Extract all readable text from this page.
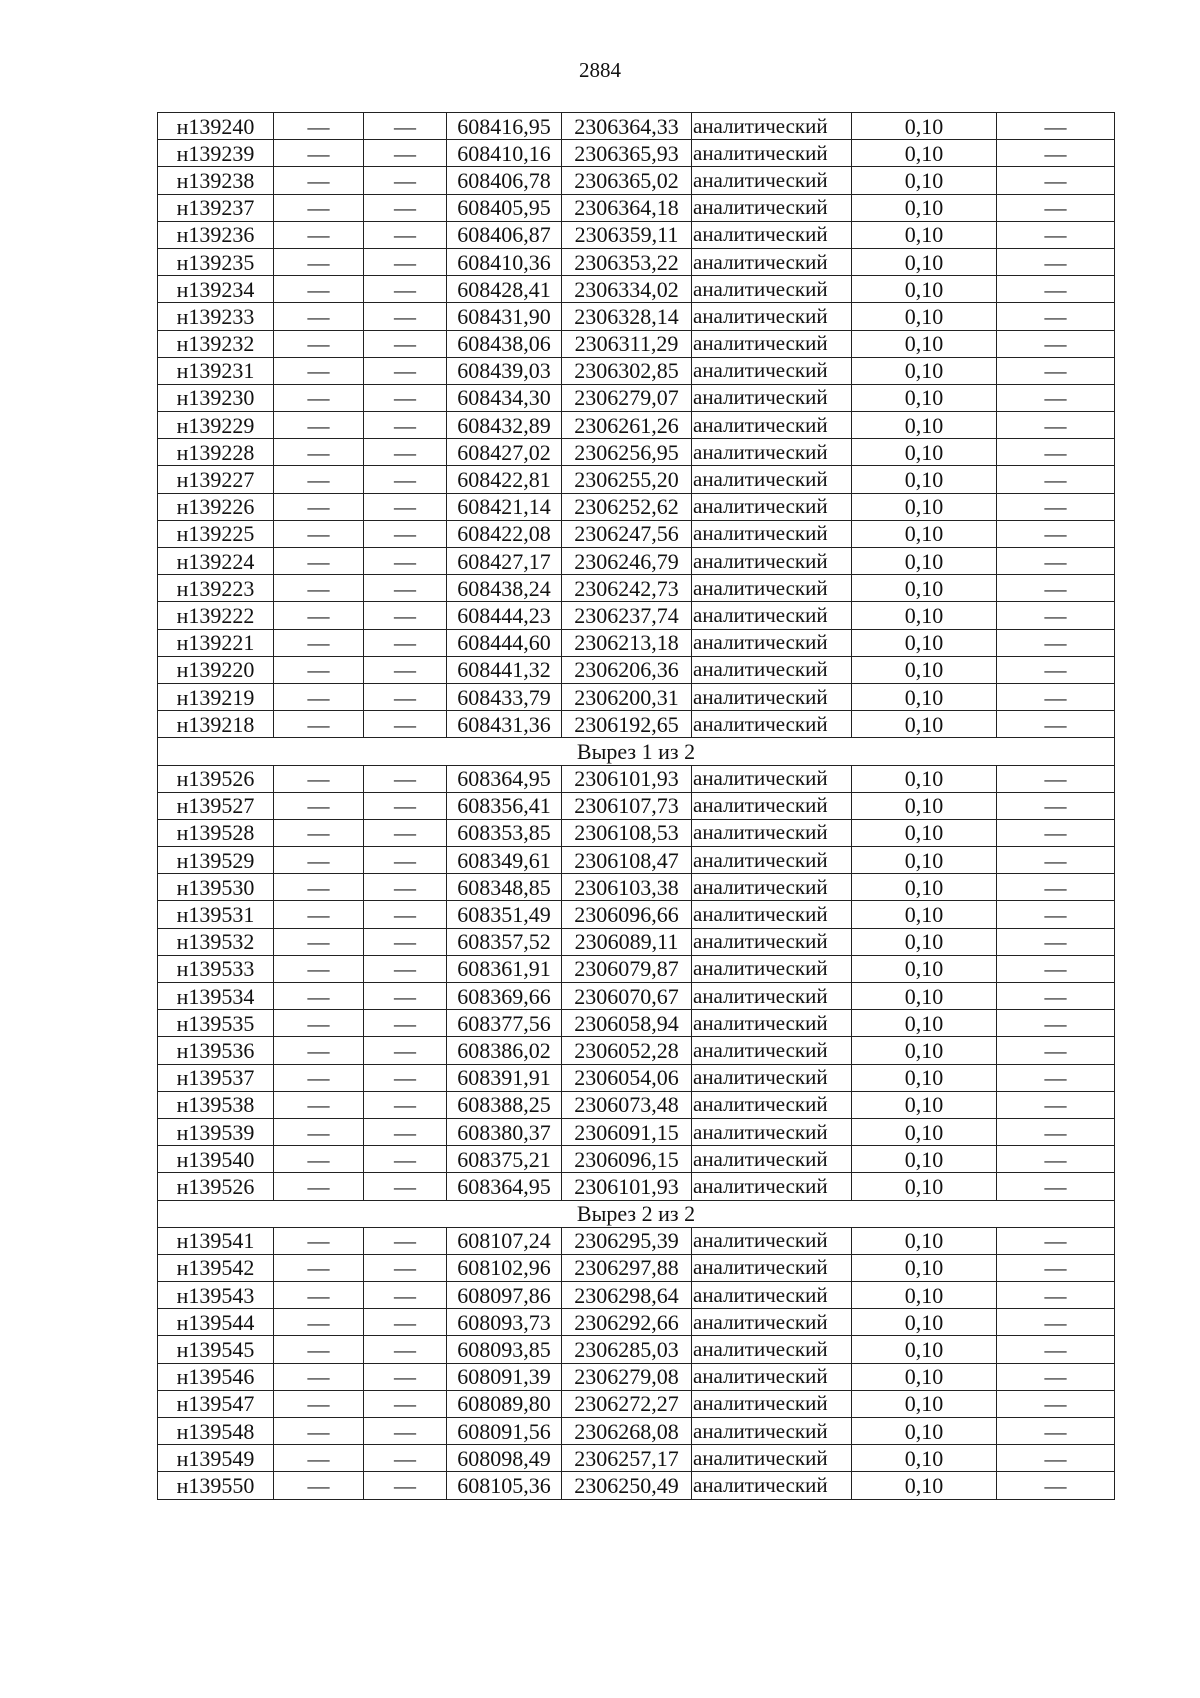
2884
н139240	—	—	608416,95	2306364,33	аналитический	0,10	—
н139239	—	—	608410,16	2306365,93	аналитический	0,10	—
н139238	—	—	608406,78	2306365,02	аналитический	0,10	—
н139237	—	—	608405,95	2306364,18	аналитический	0,10	—
н139236	—	—	608406,87	2306359,11	аналитический	0,10	—
н139235	—	—	608410,36	2306353,22	аналитический	0,10	—
н139234	—	—	608428,41	2306334,02	аналитический	0,10	—
н139233	—	—	608431,90	2306328,14	аналитический	0,10	—
н139232	—	—	608438,06	2306311,29	аналитический	0,10	—
н139231	—	—	608439,03	2306302,85	аналитический	0,10	—
н139230	—	—	608434,30	2306279,07	аналитический	0,10	—
н139229	—	—	608432,89	2306261,26	аналитический	0,10	—
н139228	—	—	608427,02	2306256,95	аналитический	0,10	—
н139227	—	—	608422,81	2306255,20	аналитический	0,10	—
н139226	—	—	608421,14	2306252,62	аналитический	0,10	—
н139225	—	—	608422,08	2306247,56	аналитический	0,10	—
н139224	—	—	608427,17	2306246,79	аналитический	0,10	—
н139223	—	—	608438,24	2306242,73	аналитический	0,10	—
н139222	—	—	608444,23	2306237,74	аналитический	0,10	—
н139221	—	—	608444,60	2306213,18	аналитический	0,10	—
н139220	—	—	608441,32	2306206,36	аналитический	0,10	—
н139219	—	—	608433,79	2306200,31	аналитический	0,10	—
н139218	—	—	608431,36	2306192,65	аналитический	0,10	—
Вырез 1 из 2							
н139526	—	—	608364,95	2306101,93	аналитический	0,10	—
н139527	—	—	608356,41	2306107,73	аналитический	0,10	—
н139528	—	—	608353,85	2306108,53	аналитический	0,10	—
н139529	—	—	608349,61	2306108,47	аналитический	0,10	—
н139530	—	—	608348,85	2306103,38	аналитический	0,10	—
н139531	—	—	608351,49	2306096,66	аналитический	0,10	—
н139532	—	—	608357,52	2306089,11	аналитический	0,10	—
н139533	—	—	608361,91	2306079,87	аналитический	0,10	—
н139534	—	—	608369,66	2306070,67	аналитический	0,10	—
н139535	—	—	608377,56	2306058,94	аналитический	0,10	—
н139536	—	—	608386,02	2306052,28	аналитический	0,10	—
н139537	—	—	608391,91	2306054,06	аналитический	0,10	—
н139538	—	—	608388,25	2306073,48	аналитический	0,10	—
н139539	—	—	608380,37	2306091,15	аналитический	0,10	—
н139540	—	—	608375,21	2306096,15	аналитический	0,10	—
н139526	—	—	608364,95	2306101,93	аналитический	0,10	—
Вырез 2 из 2							
н139541	—	—	608107,24	2306295,39	аналитический	0,10	—
н139542	—	—	608102,96	2306297,88	аналитический	0,10	—
н139543	—	—	608097,86	2306298,64	аналитический	0,10	—
н139544	—	—	608093,73	2306292,66	аналитический	0,10	—
н139545	—	—	608093,85	2306285,03	аналитический	0,10	—
н139546	—	—	608091,39	2306279,08	аналитический	0,10	—
н139547	—	—	608089,80	2306272,27	аналитический	0,10	—
н139548	—	—	608091,56	2306268,08	аналитический	0,10	—
н139549	—	—	608098,49	2306257,17	аналитический	0,10	—
н139550	—	—	608105,36	2306250,49	аналитический	0,10	—
